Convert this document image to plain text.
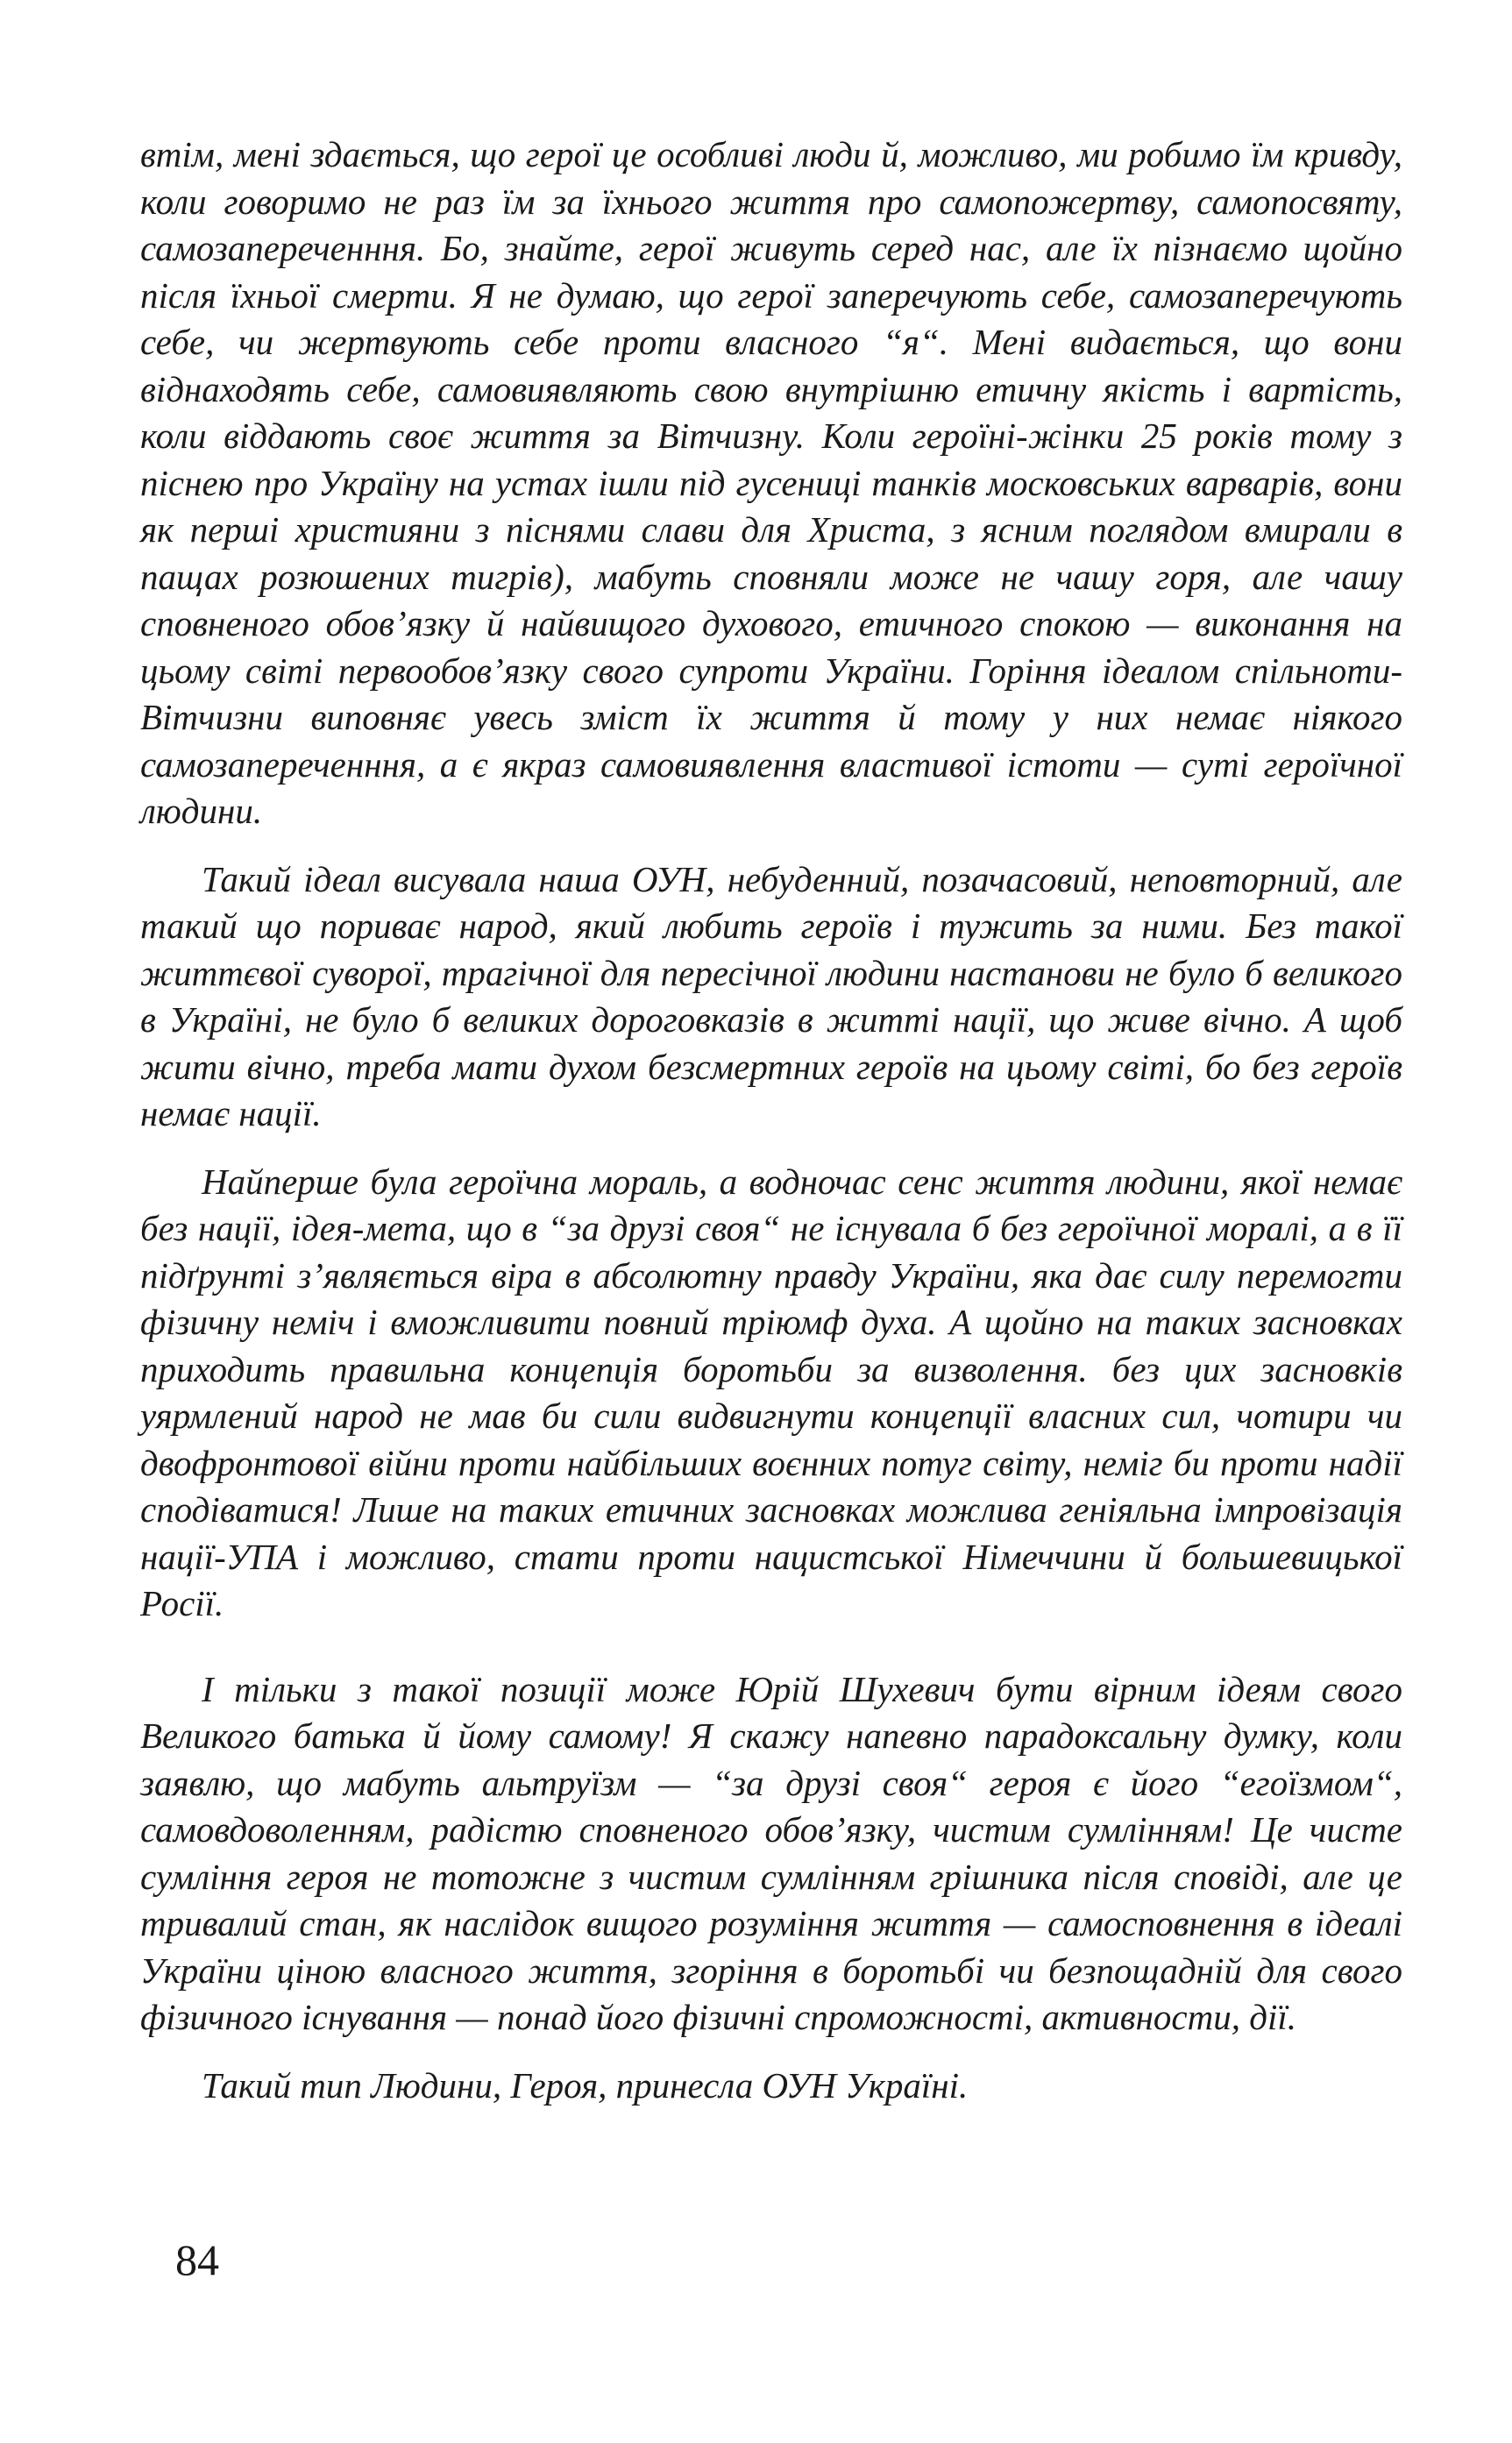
втім, мені здається, що герої це особливі люди й, можливо, ми робимо їм кривду, коли говоримо не раз їм за їхнього життя про самопожертву, самопосвяту, самозапереченння. Бо, знайте, герої живуть серед нас, але їх пізнаємо щойно після їхньої смерти. Я не думаю, що герої заперечують себе, самозаперечують себе, чи жертвують себе проти власного “я“. Мені видається, що вони віднаходять себе, самовиявляють свою внутрішню етичну якість і вартість, коли віддають своє життя за Вітчизну. Коли героїні-жінки 25 років тому з піснею про Україну на устах ішли під гусениці танків московських варварів, вони як перші християни з піснями слави для Христа, з ясним поглядом вмирали в пащах розюшених тигрів), мабуть сповняли може не чашу горя, але чашу сповненого обов’язку й найвищого духового, етичного спокою — виконання на цьому світі первообов’язку свого супроти України. Горіння ідеалом спільноти-Вітчизни виповняє увесь зміст їх життя й тому у них немає ніякого самозапереченння, а є якраз самовиявлення властивої істоти — суті героїчної людини.

Такий ідеал висувала наша ОУН, небуденний, позачасовий, неповторний, але такий що пориває народ, який любить героїв і тужить за ними. Без такої життєвої суворої, трагічної для пересічної людини настанови не було б великого в Україні, не було б великих дороговказів в житті нації, що живе вічно. А щоб жити вічно, треба мати духом безсмертних героїв на цьому світі, бо без героїв немає нації.

Найперше була героїчна мораль, а водночас сенс життя людини, якої немає без нації, ідея-мета, що в “за друзі своя“ не існувала б без героїчної моралі, а в її підґрунті з’являється віра в абсолютну правду України, яка дає силу перемогти фізичну неміч і вможливити повний тріюмф духа. А щойно на таких засновках приходить правильна концепція боротьби за визволення. без цих засновків уярмлений народ не мав би сили видвигнути концепції власних сил, чотири чи двофронтової війни проти найбільших воєнних потуг світу, неміг би проти надії сподіватися! Лише на таких етичних засновках можлива геніяльна імпровізація нації-УПА і можливо, стати проти нацистської Німеччини й большевицької Росії.

І тільки з такої позиції може Юрій Шухевич бути вірним ідеям свого Великого батька й йому самому! Я скажу напевно парадоксальну думку, коли заявлю, що мабуть альтруїзм — “за друзі своя“ героя є його “егоїзмом“, самовдоволенням, радістю сповненого обов’язку, чистим сумлінням! Це чисте сумління героя не тотожне з чистим сумлінням грішника після сповіді, але це тривалий стан, як наслідок вищого розуміння життя — самосповнення в ідеалі України ціною власного життя, згоріння в боротьбі чи безпощадній для свого фізичного існування — понад його фізичні спроможності, активности, дії.

Такий тип Людини, Героя, принесла ОУН Україні.

84
